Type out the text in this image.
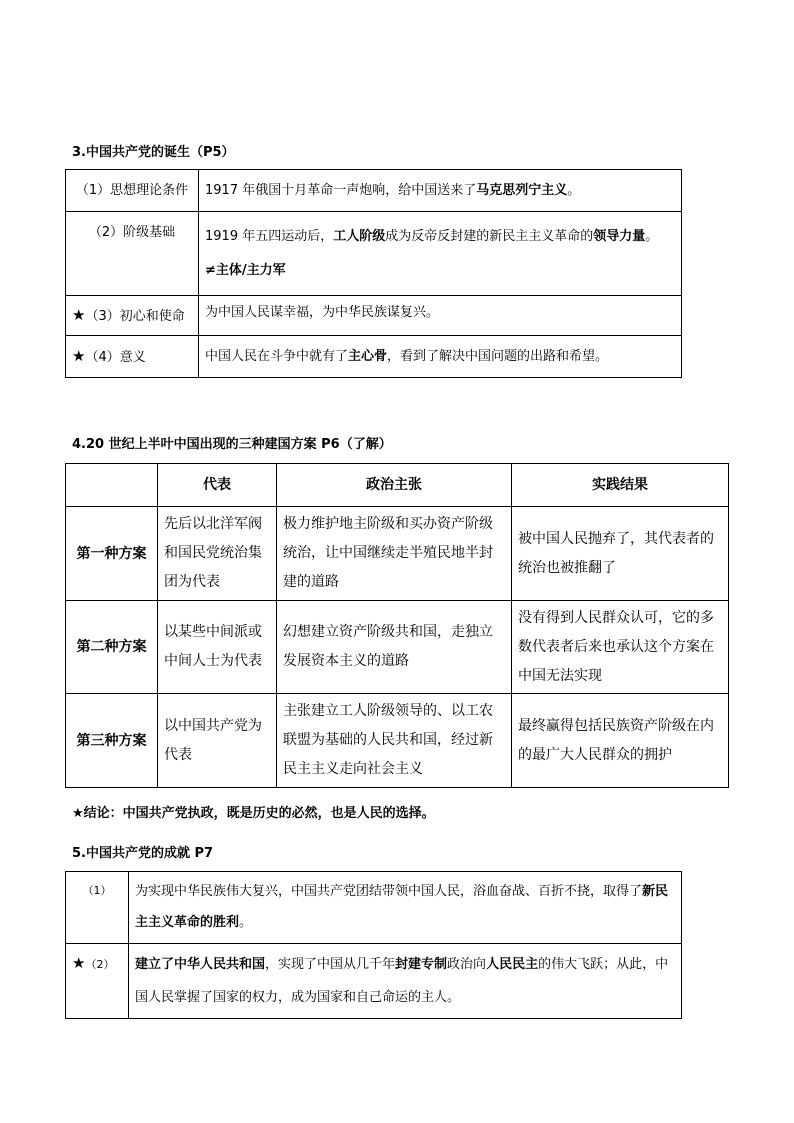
3.中国共产党的诞生（P5）
（1）思想理论条件	1917 年俄国十月革命一声炮响，给中国送来了马克思列宁主义。
（2）阶级基础	1919 年五四运动后，工人阶级成为反帝反封建的新民主主义革命的领导力量。
≠主体/主力军
★（3）初心和使命	为中国人民谋幸福，为中华民族谋复兴。
★（4）意义	中国人民在斗争中就有了主心骨，看到了解决中国问题的出路和希望。
4.20 世纪上半叶中国出现的三种建国方案 P6（了解）
	代表	政治主张	实践结果
第一种方案	先后以北洋军阀和国民党统治集团为代表	极力维护地主阶级和买办资产阶级统治，让中国继续走半殖民地半封建的道路	被中国人民抛弃了，其代表者的统治也被推翻了
第二种方案	以某些中间派或中间人士为代表	幻想建立资产阶级共和国，走独立发展资本主义的道路	没有得到人民群众认可，它的多数代表者后来也承认这个方案在中国无法实现
第三种方案	以中国共产党为代表	主张建立工人阶级领导的、以工农联盟为基础的人民共和国，经过新民主主义走向社会主义	最终赢得包括民族资产阶级在内的最广大人民群众的拥护
★结论：中国共产党执政，既是历史的必然，也是人民的选择。
5.中国共产党的成就 P7
（1）	为实现中华民族伟大复兴，中国共产党团结带领中国人民，浴血奋战、百折不挠，取得了新民主主义革命的胜利。
★（2）	建立了中华人民共和国，实现了中国从几千年封建专制政治向人民民主的伟大飞跃；从此，中国人民掌握了国家的权力，成为国家和自己命运的主人。
